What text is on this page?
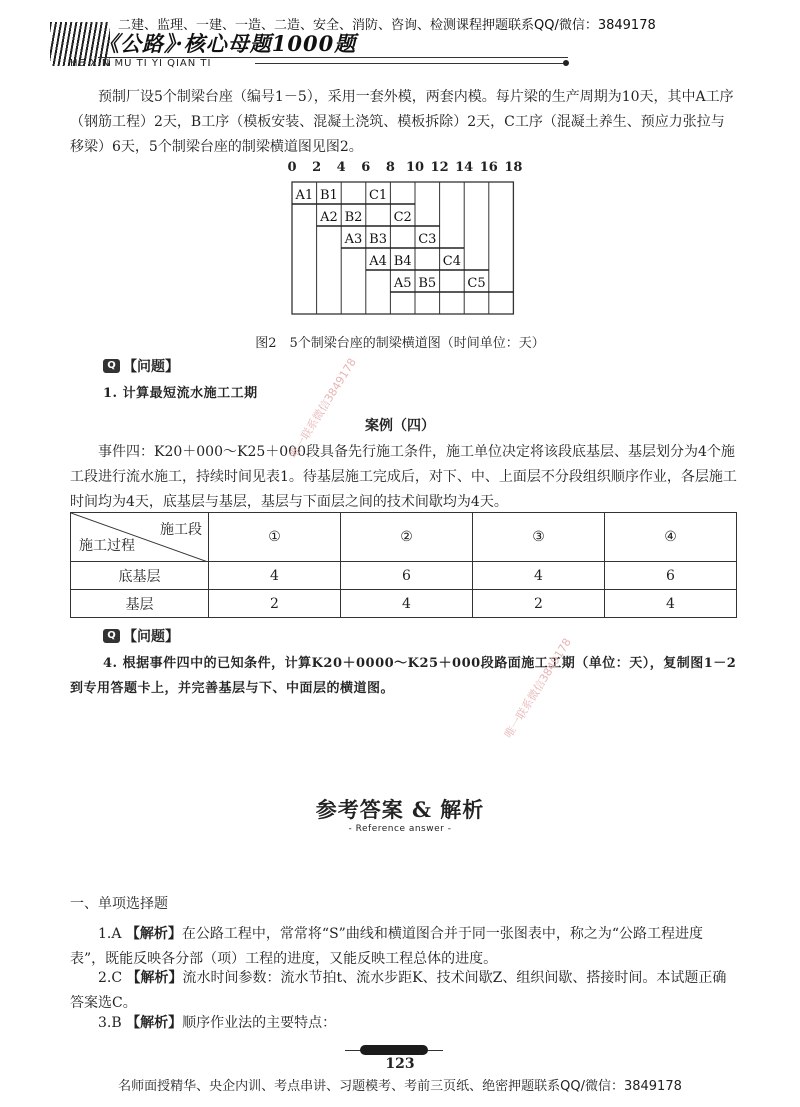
二建、监理、一建、一造、二造、安全、消防、咨询、检测课程押题联系QQ/微信：3849178
《公路》·核心母题1000题
HE XIN MU TI YI QIAN TI
预制厂设5个制梁台座（编号1－5），采用一套外模，两套内模。每片梁的生产周期为10天，其中A工序（钢筋工程）2天，B工序（模板安装、混凝土浇筑、模板拆除）2天，C工序（混凝土养生、预应力张拉与移梁）6天，5个制梁台座的制梁横道图见图2。
0 2 4 6 8 10 12 14 16 18
A1 B1 C1
A2 B2 C2
A3 B3 C3
A4 B4 C4
A5 B5 C5
图2　5个制梁台座的制梁横道图（时间单位：天）
Q 【问题】
1. 计算最短流水施工工期
案例（四）
事件四：K20＋000～K25＋000段具备先行施工条件，施工单位决定将该段底基层、基层划分为4个施工段进行流水施工，持续时间见表1。待基层施工完成后，对下、中、上面层不分段组织顺序作业，各层施工时间均为4天，底基层与基层，基层与下面层之间的技术间歇均为4天。
施工段
施工过程	①	②	③	④
底基层	4	6	4	6
基层	2	4	2	4
Q 【问题】
4. 根据事件四中的已知条件，计算K20＋0000～K25＋000段路面施工工期（单位：天），复制图1－2到专用答题卡上，并完善基层与下、中面层的横道图。
唯一联系微信3849178
唯一联系微信3849178
参考答案 & 解析
- Reference answer -
一、单项选择题
1.A 【解析】在公路工程中，常常将“S”曲线和横道图合并于同一张图表中，称之为“公路工程进度表”，既能反映各分部（项）工程的进度，又能反映工程总体的进度。
2.C 【解析】流水时间参数：流水节拍t、流水步距K、技术间歇Z、组织间歇、搭接时间。本试题正确答案选C。
3.B 【解析】顺序作业法的主要特点：
123
名师面授精华、央企内训、考点串讲、习题模考、考前三页纸、绝密押题联系QQ/微信：3849178
